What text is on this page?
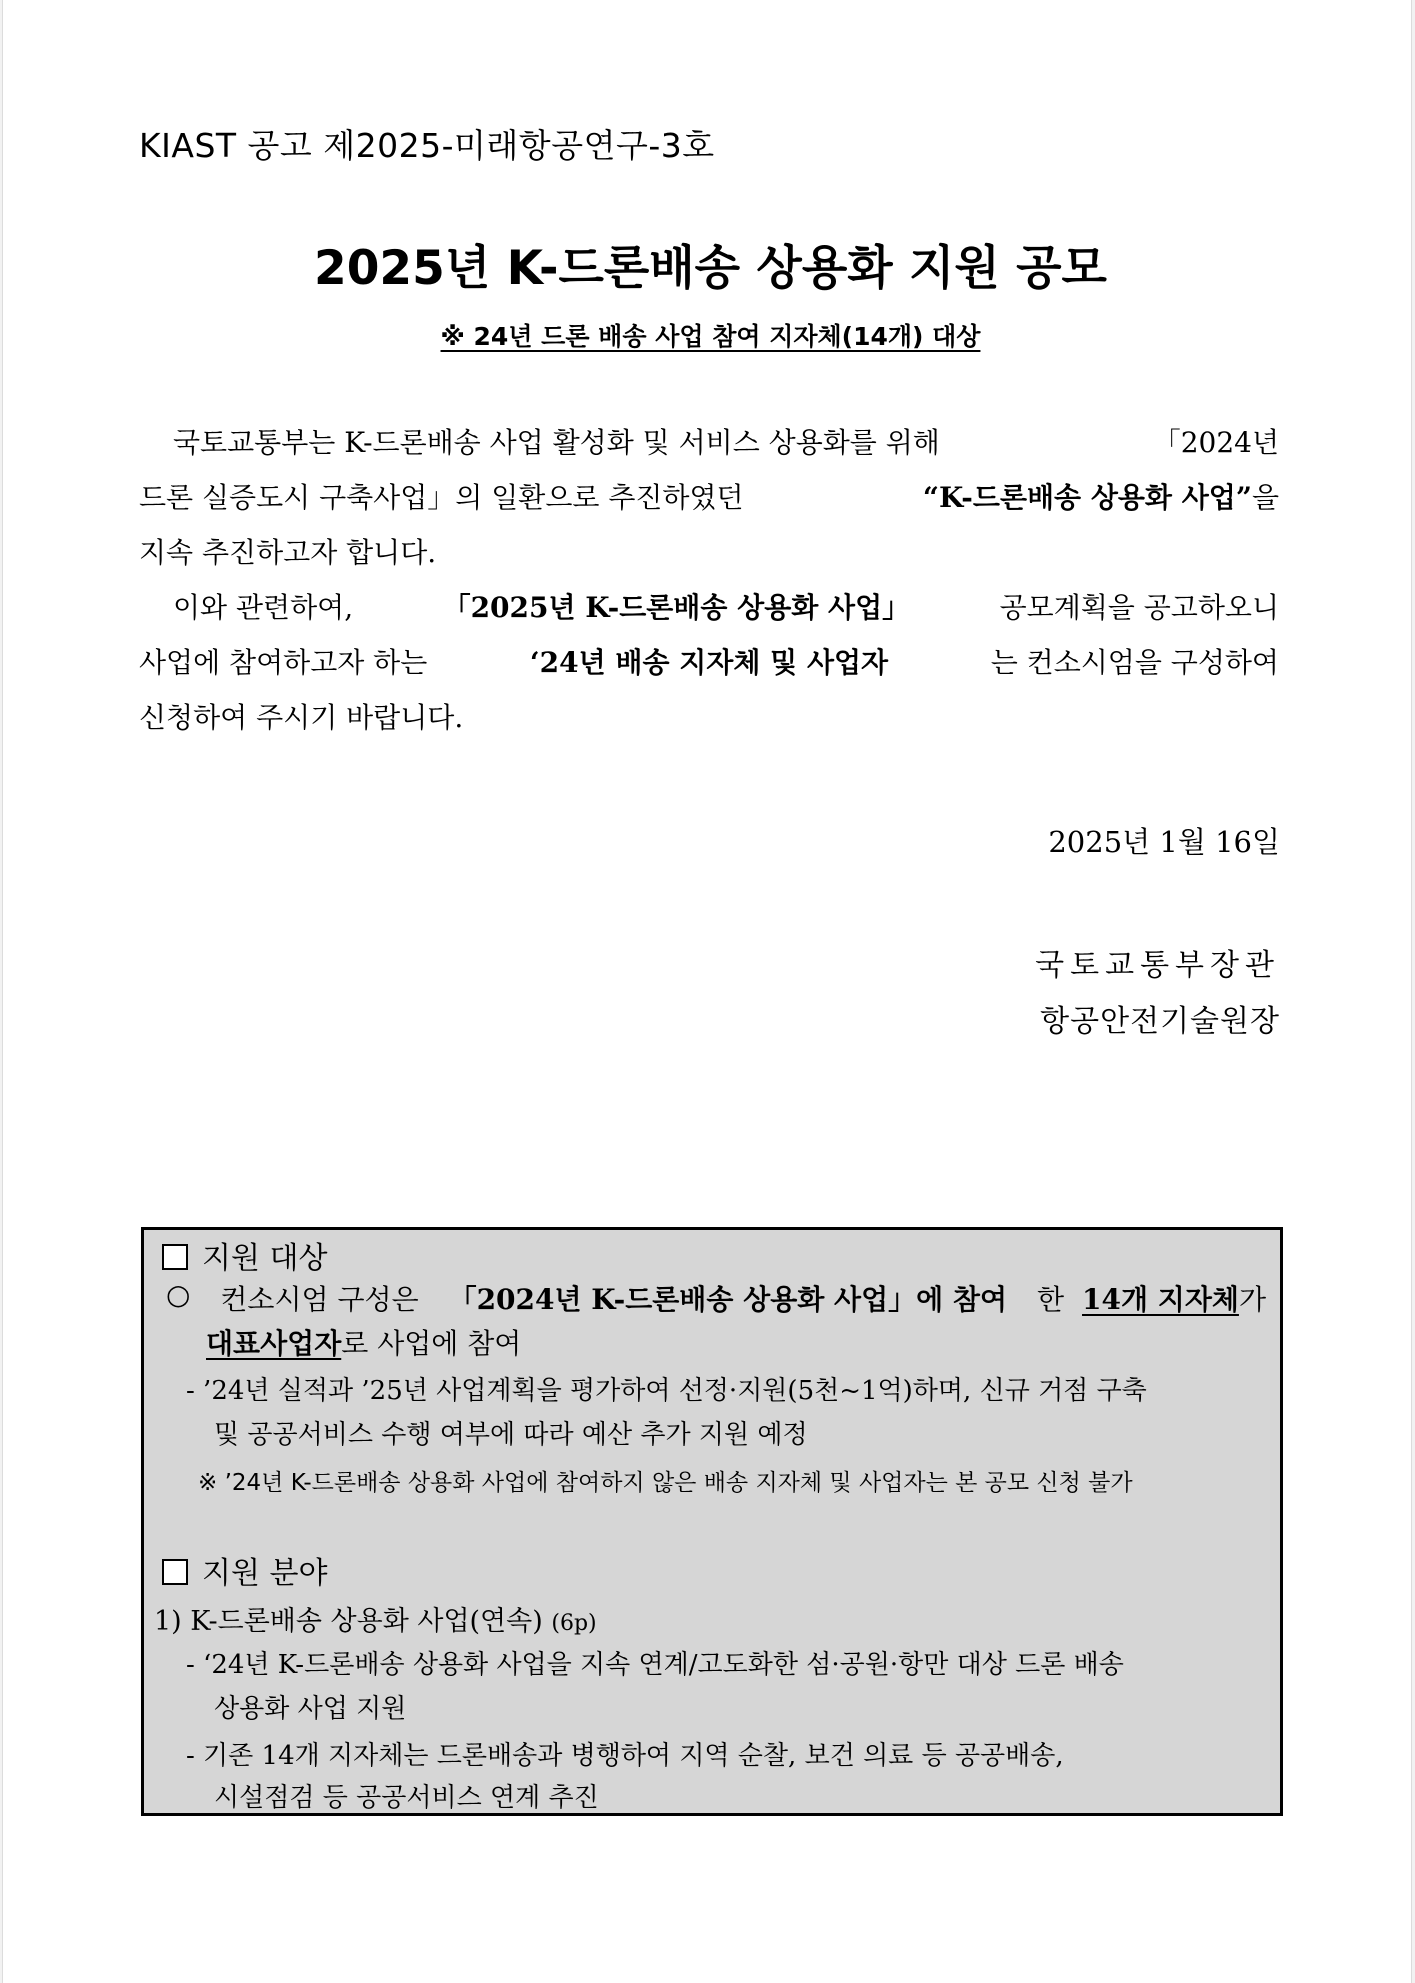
KIAST 공고 제2025-미래항공연구-3호
2025년 K-드론배송 상용화 지원 공모
※ 24년 드론 배송 사업 참여 지자체(14개) 대상
국토교통부는 K-드론배송 사업 활성화 및 서비스 상용화를 위해	「2024년
드론 실증도시 구축사업」의 일환으로 추진하였던	“K-드론배송 상용화 사업”을
지속 추진하고자 합니다.
이와 관련하여,	「2025년 K-드론배송 상용화 사업」	공모계획을 공고하오니
사업에 참여하고자 하는	‘24년 배송 지자체 및 사업자	는 컨소시엄을 구성하여
신청하여 주시기 바랍니다.
2025년 1월 16일
국토교통부장관
항공안전기술원장
지원 대상
○ 컨소시엄 구성은 「2024년 K-드론배송 상용화 사업」에 참여 한 14개 지자체가
대표사업자로 사업에 참여
- ’24년 실적과 ’25년 사업계획을 평가하여 선정·지원(5천~1억)하며, 신규 거점 구축
및 공공서비스 수행 여부에 따라 예산 추가 지원 예정
※ ’24년 K-드론배송 상용화 사업에 참여하지 않은 배송 지자체 및 사업자는 본 공모 신청 불가
지원 분야
1) K-드론배송 상용화 사업(연속) (6p)
- ‘24년 K-드론배송 상용화 사업을 지속 연계/고도화한 섬·공원·항만 대상 드론 배송
상용화 사업 지원
- 기존 14개 지자체는 드론배송과 병행하여 지역 순찰, 보건 의료 등 공공배송,
시설점검 등 공공서비스 연계 추진
